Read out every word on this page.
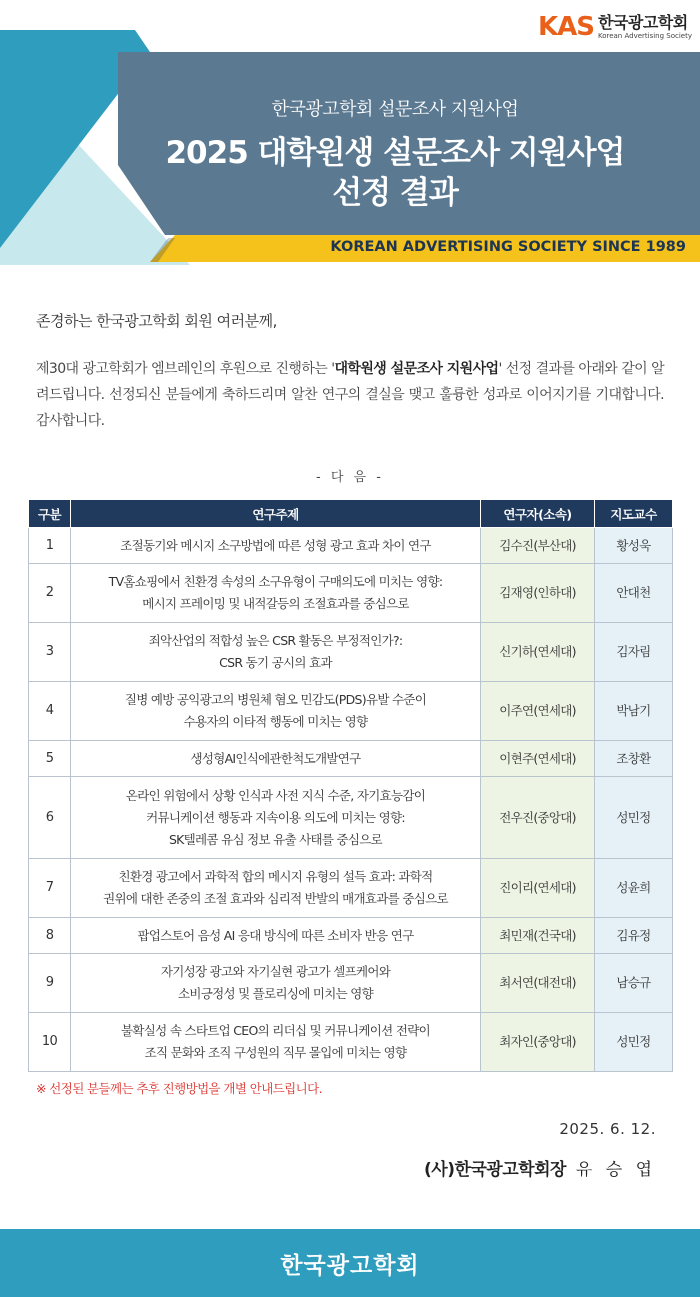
KAS 한국광고학회
Korean Advertising Society
한국광고학회 설문조사 지원사업
2025 대학원생 설문조사 지원사업
선정 결과
KOREAN ADVERTISING SOCIETY SINCE 1989
존경하는 한국광고학회 회원 여러분께,
제30대 광고학회가 엠브레인의 후원으로 진행하는 '대학원생 설문조사 지원사업' 선정 결과를 아래와 같이 알려드립니다. 선정되신 분들에게 축하드리며 알찬 연구의 결실을 맺고 훌륭한 성과로 이어지기를 기대합니다. 감사합니다.
- 다 음 -
구분	연구주제	연구자(소속)	지도교수
1	조절동기와 메시지 소구방법에 따른 성형 광고 효과 차이 연구	김수진(부산대)	황성욱
2	TV홈쇼핑에서 친환경 속성의 소구유형이 구매의도에 미치는 영향:
메시지 프레이밍 및 내적갈등의 조절효과를 중심으로	김재영(인하대)	안대천
3	죄악산업의 적합성 높은 CSR 활동은 부정적인가?:
CSR 동기 공시의 효과	신기하(연세대)	김자림
4	질병 예방 공익광고의 병원체 혐오 민감도(PDS)유발 수준이
수용자의 이타적 행동에 미치는 영향	이주연(연세대)	박남기
5	생성형AI인식에관한척도개발연구	이현주(연세대)	조창환
6	온라인 위험에서 상황 인식과 사전 지식 수준, 자기효능감이
커뮤니케이션 행동과 지속이용 의도에 미치는 영향:
SK텔레콤 유심 정보 유출 사태를 중심으로	전우진(중앙대)	성민정
7	친환경 광고에서 과학적 합의 메시지 유형의 설득 효과: 과학적
권위에 대한 존중의 조절 효과와 심리적 반발의 매개효과를 중심으로	진이리(연세대)	성윤희
8	팝업스토어 음성 AI 응대 방식에 따른 소비자 반응 연구	최민재(건국대)	김유정
9	자기성장 광고와 자기실현 광고가 셀프케어와
소비긍정성 및 플로리싱에 미치는 영향	최서연(대전대)	남승규
10	불확실성 속 스타트업 CEO의 리더십 및 커뮤니케이션 전략이
조직 문화와 조직 구성원의 직무 몰입에 미치는 영향	최자인(중앙대)	성민정
※ 선정된 분들께는 추후 진행방법을 개별 안내드립니다.
2025. 6. 12.
(사)한국광고학회장 유 승 엽
한국광고학회
